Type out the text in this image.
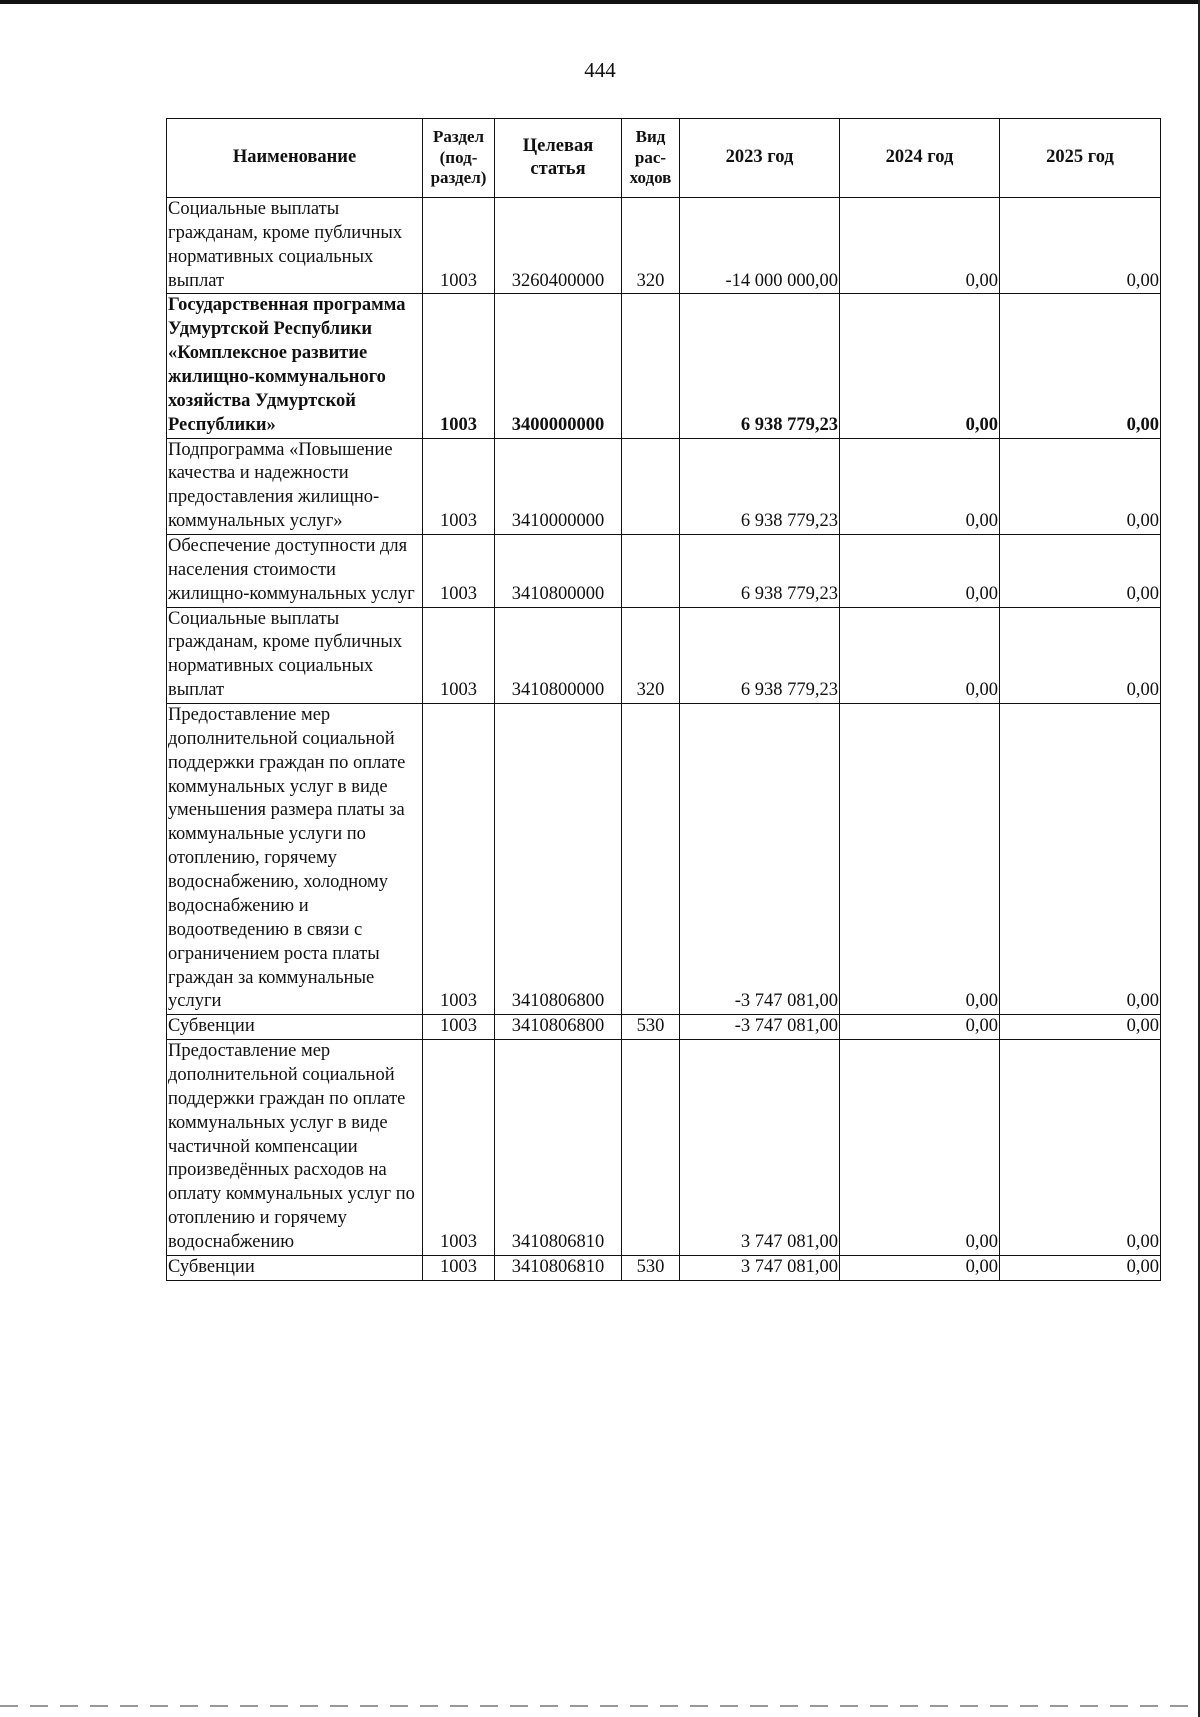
444
Наименование	Раздел (под-раздел)	Целевая статья	Вид рас-ходов	2023 год	2024 год	2025 год
Социальные выплаты гражданам, кроме публичных нормативных социальных выплат	1003	3260400000	320	-14 000 000,00	0,00	0,00
Государственная программа Удмуртской Республики «Комплексное развитие жилищно-коммунального хозяйства Удмуртской Республики»	1003	3400000000		6 938 779,23	0,00	0,00
Подпрограмма «Повышение качества и надежности предоставления жилищно-коммунальных услуг»	1003	3410000000		6 938 779,23	0,00	0,00
Обеспечение доступности для населения стоимости жилищно-коммунальных услуг	1003	3410800000		6 938 779,23	0,00	0,00
Социальные выплаты гражданам, кроме публичных нормативных социальных выплат	1003	3410800000	320	6 938 779,23	0,00	0,00
Предоставление мер дополнительной социальной поддержки граждан по оплате коммунальных услуг в виде уменьшения размера платы за коммунальные услуги по отоплению, горячему водоснабжению, холодному водоснабжению и водоотведению в связи с ограничением роста платы граждан за коммунальные услуги	1003	3410806800		-3 747 081,00	0,00	0,00
Субвенции	1003	3410806800	530	-3 747 081,00	0,00	0,00
Предоставление мер дополнительной социальной поддержки граждан по оплате коммунальных услуг в виде частичной компенсации произведённых расходов на оплату коммунальных услуг по отоплению и горячему водоснабжению	1003	3410806810		3 747 081,00	0,00	0,00
Субвенции	1003	3410806810	530	3 747 081,00	0,00	0,00
